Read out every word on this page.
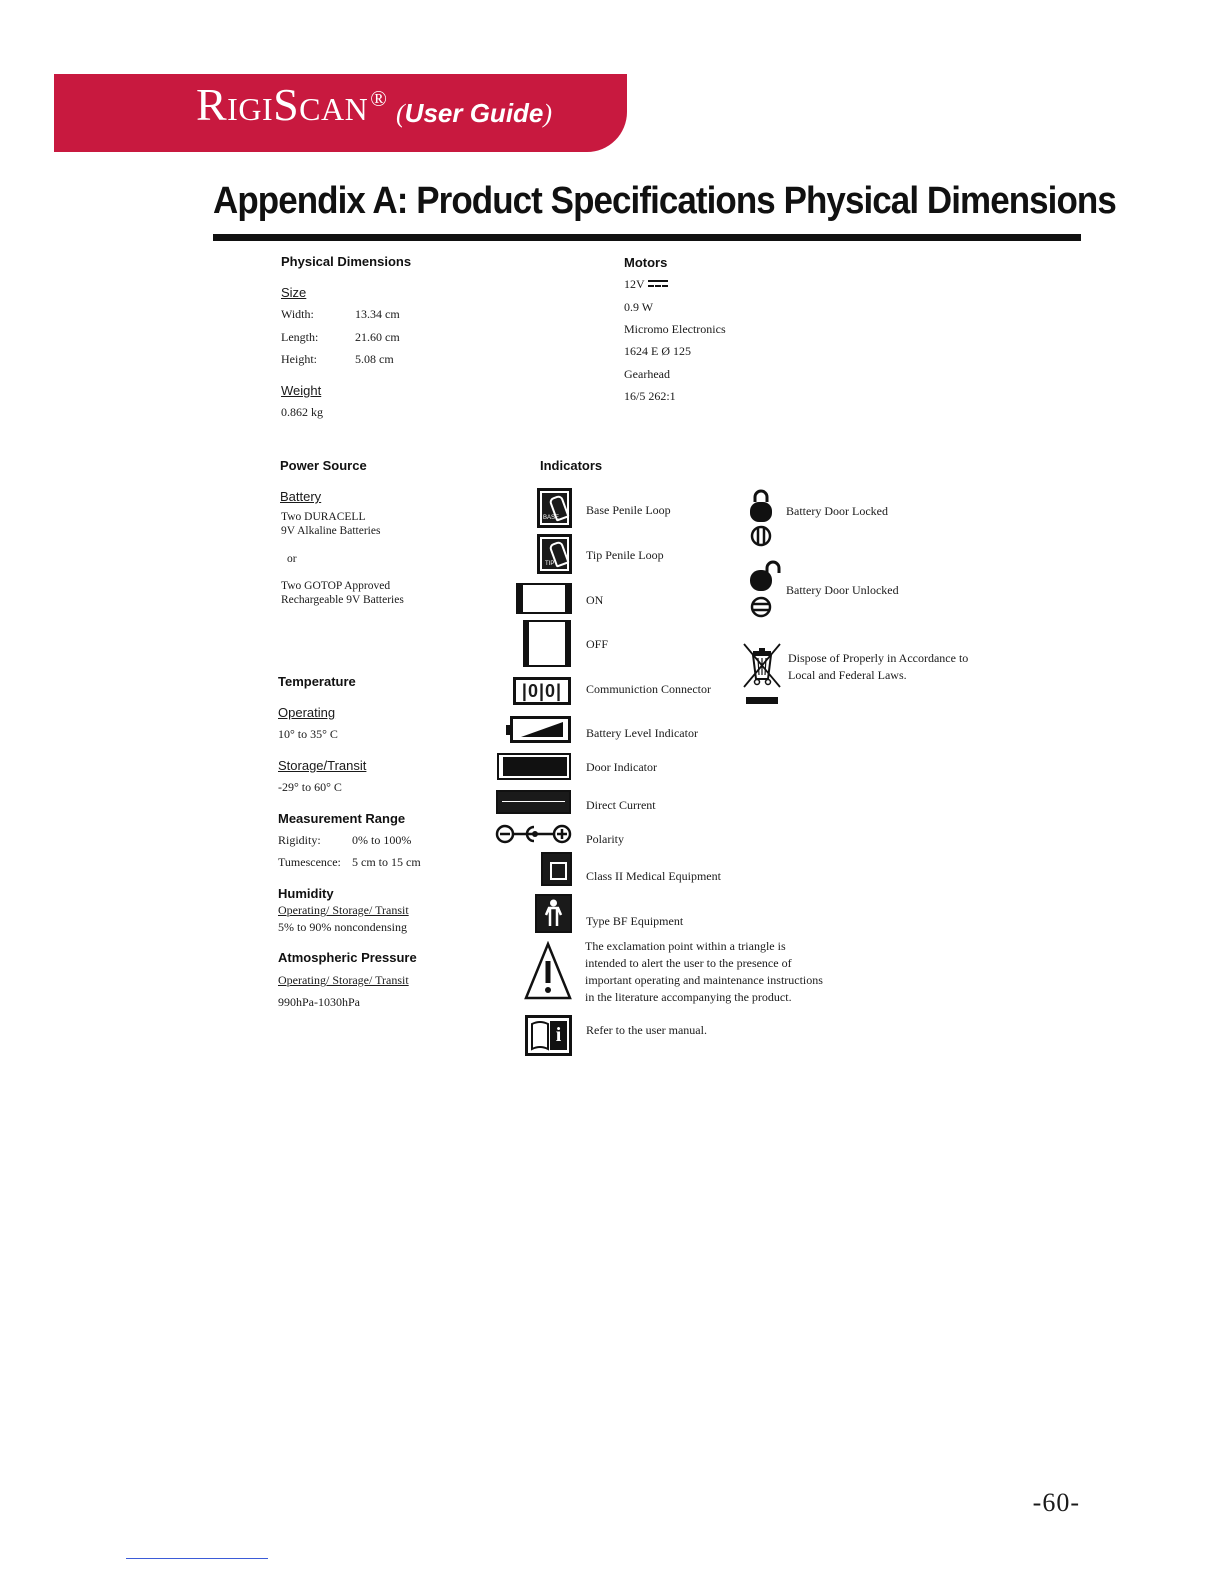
RigiScan®
(User Guide)
Appendix A: Product Specifications Physical Dimensions
Physical Dimensions
Size
Width:	13.34 cm
Length:	21.60 cm
Height:	5.08 cm
Weight
0.862 kg
Motors
12V
0.9 W
Micromo Electronics
1624 E Ø 125
Gearhead
16/5 262:1
Power Source
Battery
Two DURACELL
9V Alkaline Batteries
or
Two GOTOP Approved
Rechargeable 9V Batteries
Temperature
Operating
10° to 35° C
Storage/Transit
-29° to 60° C
Measurement Range
Rigidity:	0% to 100%
Tumescence: 5 cm to 15 cm
Humidity
Operating/ Storage/ Transit
5% to 90% noncondensing
Atmospheric Pressure
Operating/ Storage/ Transit
990hPa-1030hPa
Indicators
BASE
Base Penile Loop
TIP
Tip Penile Loop
ON
OFF
|0|0|	Communiction Connector
Battery Level Indicator
Door Indicator
Direct Current
Polarity
Class II Medical Equipment
Type BF Equipment
The exclamation point within a triangle is
intended to alert the user to the presence of
important operating and maintenance instructions
in the literature accompanying the product.
i	Refer to the user manual.
Battery Door Locked
Battery Door Unlocked
Dispose of Properly in Accordance to
Local and Federal Laws.
-60-
